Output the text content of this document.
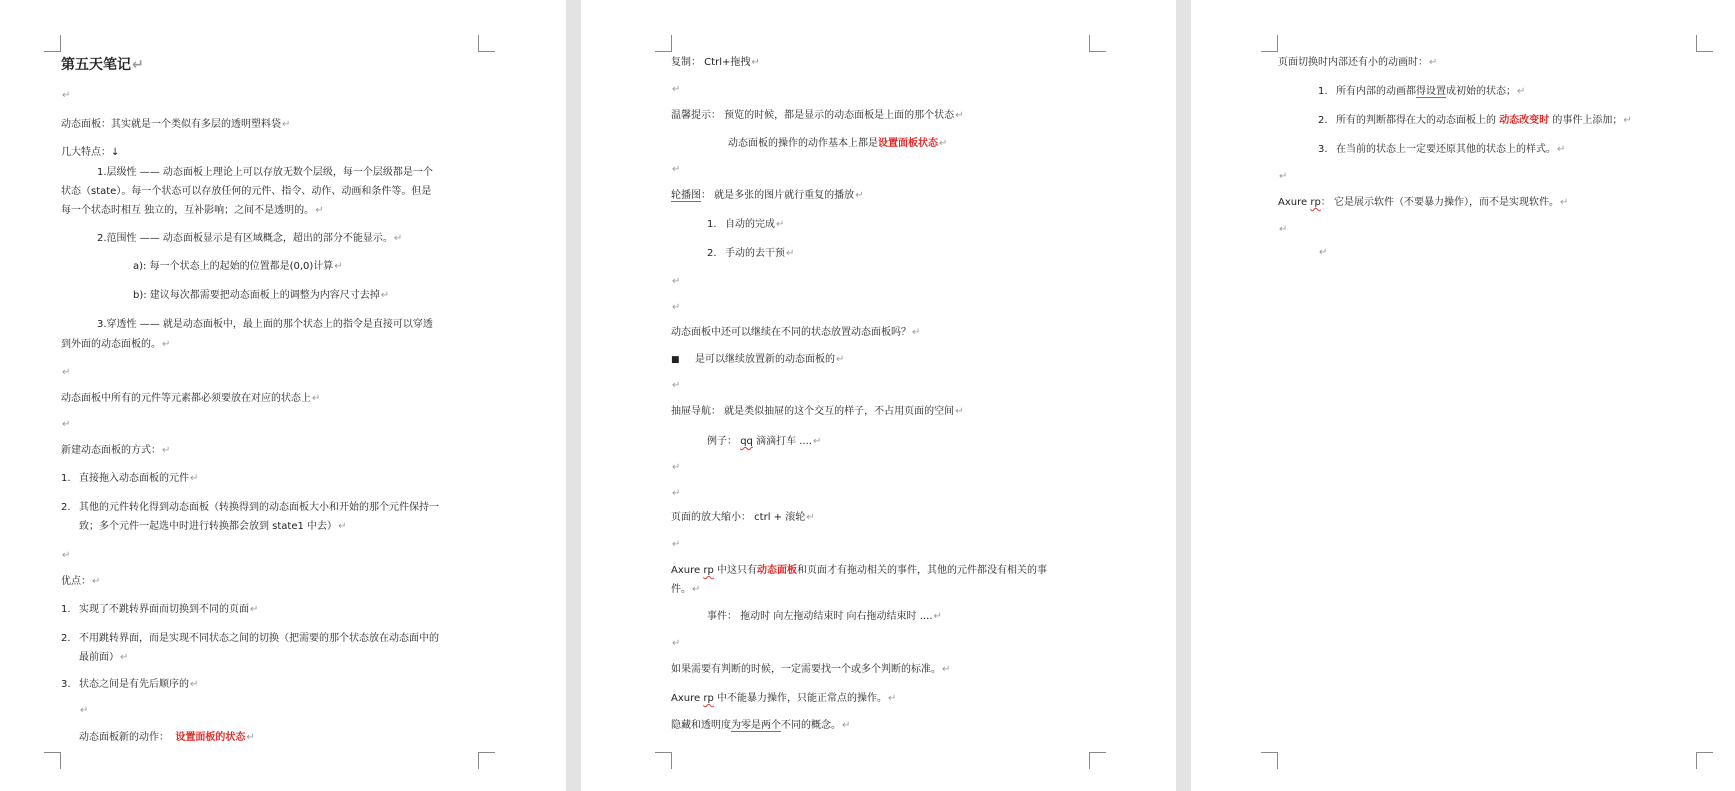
第五天笔记↵
↵
动态面板：其实就是一个类似有多层的透明塑料袋↵
几大特点：↓
1.层级性 —— 动态面板上理论上可以存放无数个层级，每一个层级都是一个
状态（state）。每一个状态可以存放任何的元件、指令、动作、动画和条件等。但是
每一个状态时相互 独立的，互补影响；之间不是透明的。↵
2.范围性 —— 动态面板显示是有区域概念，超出的部分不能显示。↵
a): 每一个状态上的起始的位置都是(0,0)计算↵
b): 建议每次都需要把动态面板上的调整为内容尺寸去掉↵
3.穿透性 —— 就是动态面板中，最上面的那个状态上的指令是直接可以穿透
到外面的动态面板的。↵
↵
动态面板中所有的元件等元素都必须要放在对应的状态上↵
↵
新建动态面板的方式：↵
1. 直接拖入动态面板的元件↵
2. 其他的元件转化得到动态面板（转换得到的动态面板大小和开始的那个元件保持一
致；多个元件一起选中时进行转换都会放到 state1 中去）↵
↵
优点：↵
1. 实现了不跳转界面而切换到不同的页面↵
2. 不用跳转界面，而是实现不同状态之间的切换（把需要的那个状态放在动态面中的
最前面）↵
3. 状态之间是有先后顺序的↵
↵
动态面板新的动作： 设置面板的状态↵
复制： Ctrl+拖拽↵
↵
温馨提示： 预览的时候，都是显示的动态面板是上面的那个状态↵
动态面板的操作的动作基本上都是设置面板状态↵
↵
轮播图： 就是多张的图片就行重复的播放↵
1. 自动的完成↵
2. 手动的去干预↵
↵
↵
动态面板中还可以继续在不同的状态放置动态面板吗？↵
■ 是可以继续放置新的动态面板的↵
↵
抽屉导航： 就是类似抽屉的这个交互的样子，不占用页面的空间↵
例子： qq 滴滴打车 ....↵
↵
↵
页面的放大缩小： ctrl + 滚轮↵
↵
Axure rp 中这只有动态面板和页面才有拖动相关的事件，其他的元件都没有相关的事
件。↵
事件： 拖动时 向左拖动结束时 向右拖动结束时 ....↵
↵
如果需要有判断的时候，一定需要找一个或多个判断的标准。↵
Axure rp 中不能暴力操作，只能正常点的操作。↵
隐藏和透明度为零是两个不同的概念。↵
页面切换时内部还有小的动画时：↵
1. 所有内部的动画都得设置成初始的状态；↵
2. 所有的判断都得在大的动态面板上的 动态改变时 的事件上添加；↵
3. 在当前的状态上一定要还原其他的状态上的样式。↵
↵
Axure rp： 它是展示软件（不要暴力操作），而不是实现软件。↵
↵
↵
